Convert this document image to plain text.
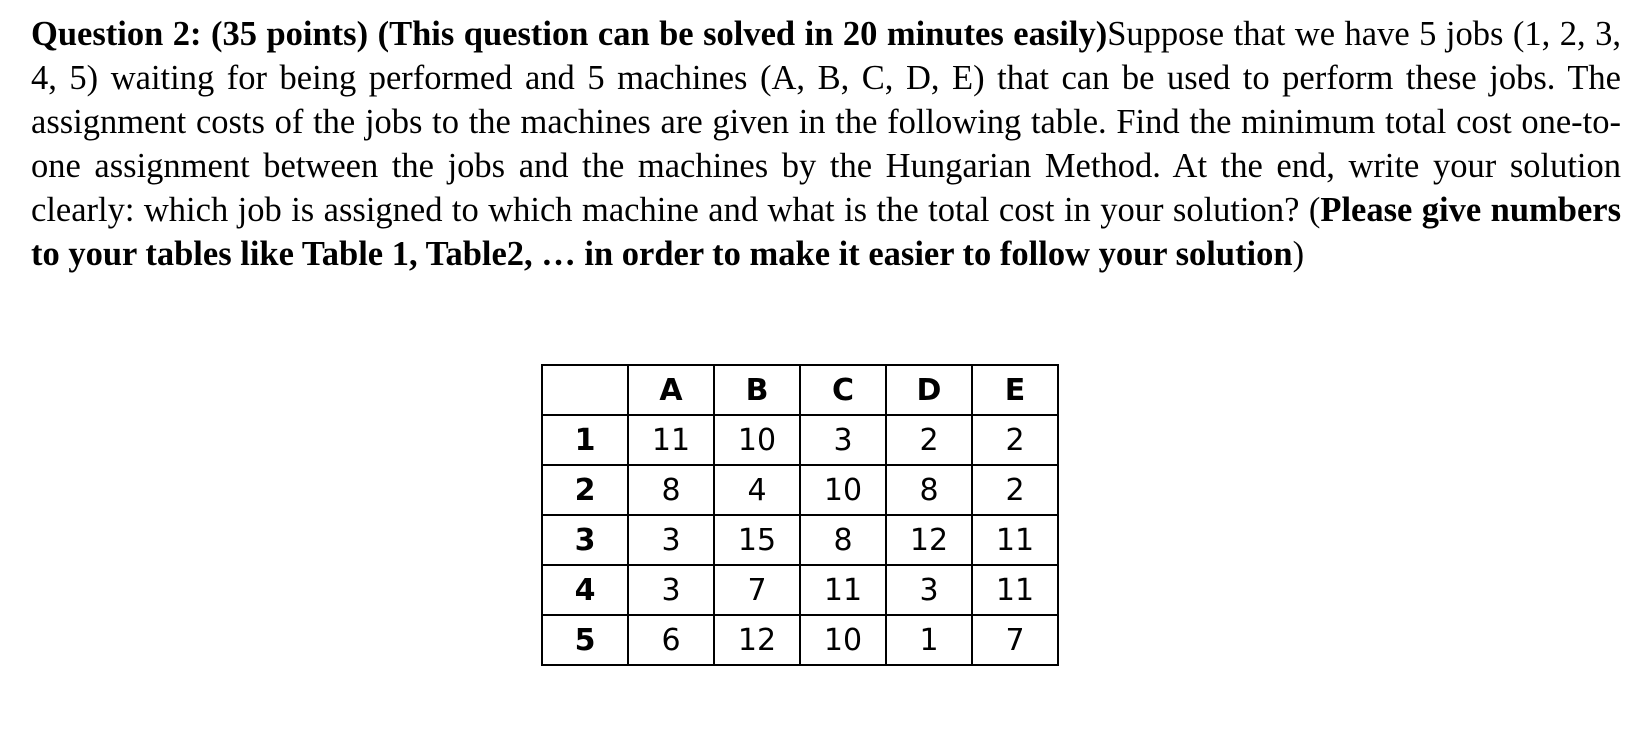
Question 2: (35 points) (This question can be solved in 20 minutes easily)Suppose that we have 5 jobs (1, 2, 3, 4, 5) waiting for being performed and 5 machines (A, B, C, D, E) that can be used to perform these jobs. The assignment costs of the jobs to the machines are given in the following table. Find the minimum total cost one-to-one assignment between the jobs and the machines by the Hungarian Method. At the end, write your solution clearly: which job is assigned to which machine and what is the total cost in your solution? (Please give numbers to your tables like Table 1, Table2, … in order to make it easier to follow your solution)
	A	B	C	D	E
1	11	10	3	2	2
2	8	4	10	8	2
3	3	15	8	12	11
4	3	7	11	3	11
5	6	12	10	1	7
